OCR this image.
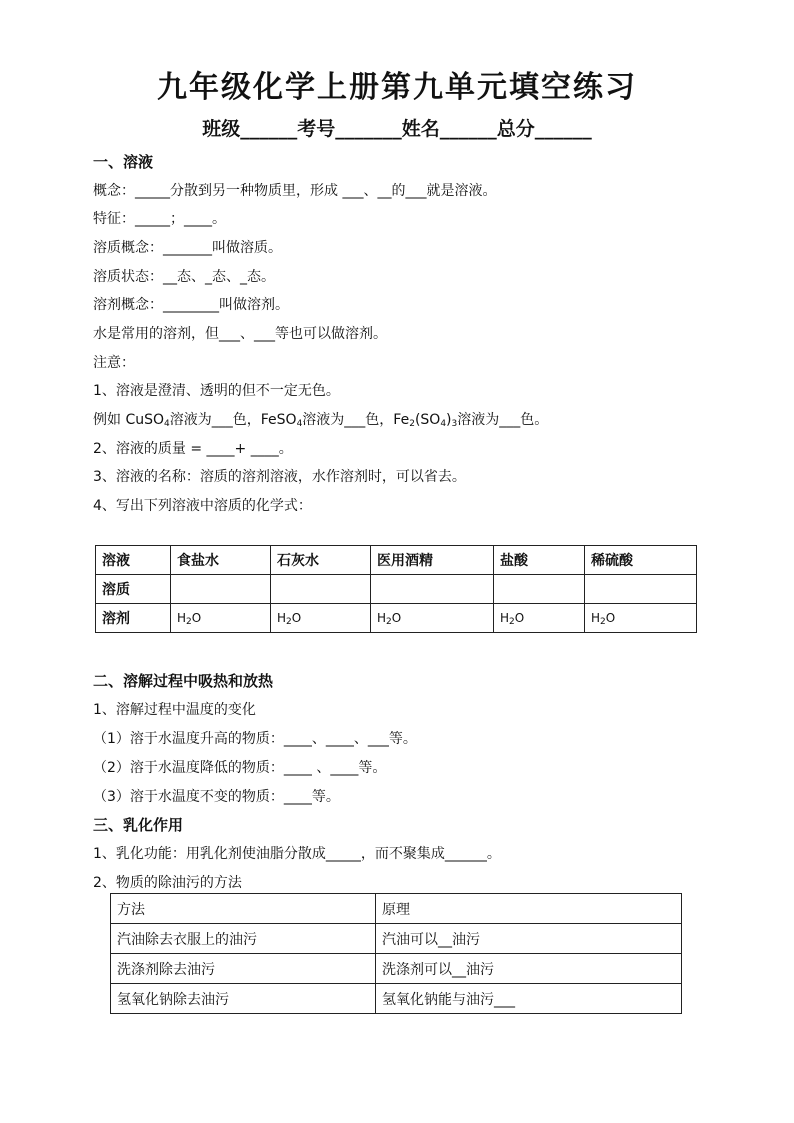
九年级化学上册第九单元填空练习
班级______考号_______姓名______总分______
一、溶液
概念：_____分散到另一种物质里，形成 ___、__的___就是溶液。
特征：_____；____。
溶质概念：_______叫做溶质。
溶质状态：__态、_态、_态。
溶剂概念：________叫做溶剂。
水是常用的溶剂，但___、___等也可以做溶剂。
注意：
1、溶液是澄清、透明的但不一定无色。
例如 CuSO$_4$溶液为___色，FeSO$_4$溶液为___色，$Fe_2(SO_4)_3$溶液为___色。
2、溶液的质量 = ____+ ____。
3、溶液的名称：溶质的溶剂溶液，水作溶剂时，可以省去。
4、写出下列溶液中溶质的化学式：
溶液	食盐水	石灰水	医用酒精	盐酸	稀硫酸
溶质					
溶剂	$H_2O$	$H_2O$	$H_2O$	$H_2O$	$H_2O$
二、溶解过程中吸热和放热
1、溶解过程中温度的变化
（1）溶于水温度升高的物质：____、____、___等。
（2）溶于水温度降低的物质：____ 、____等。
（3）溶于水温度不变的物质：____等。
三、乳化作用
1、乳化功能：用乳化剂使油脂分散成_____，而不聚集成______。
2、物质的除油污的方法
方法	原理
汽油除去衣服上的油污	汽油可以__油污
洗涤剂除去油污	洗涤剂可以__油污
氢氧化钠除去油污	氢氧化钠能与油污___
